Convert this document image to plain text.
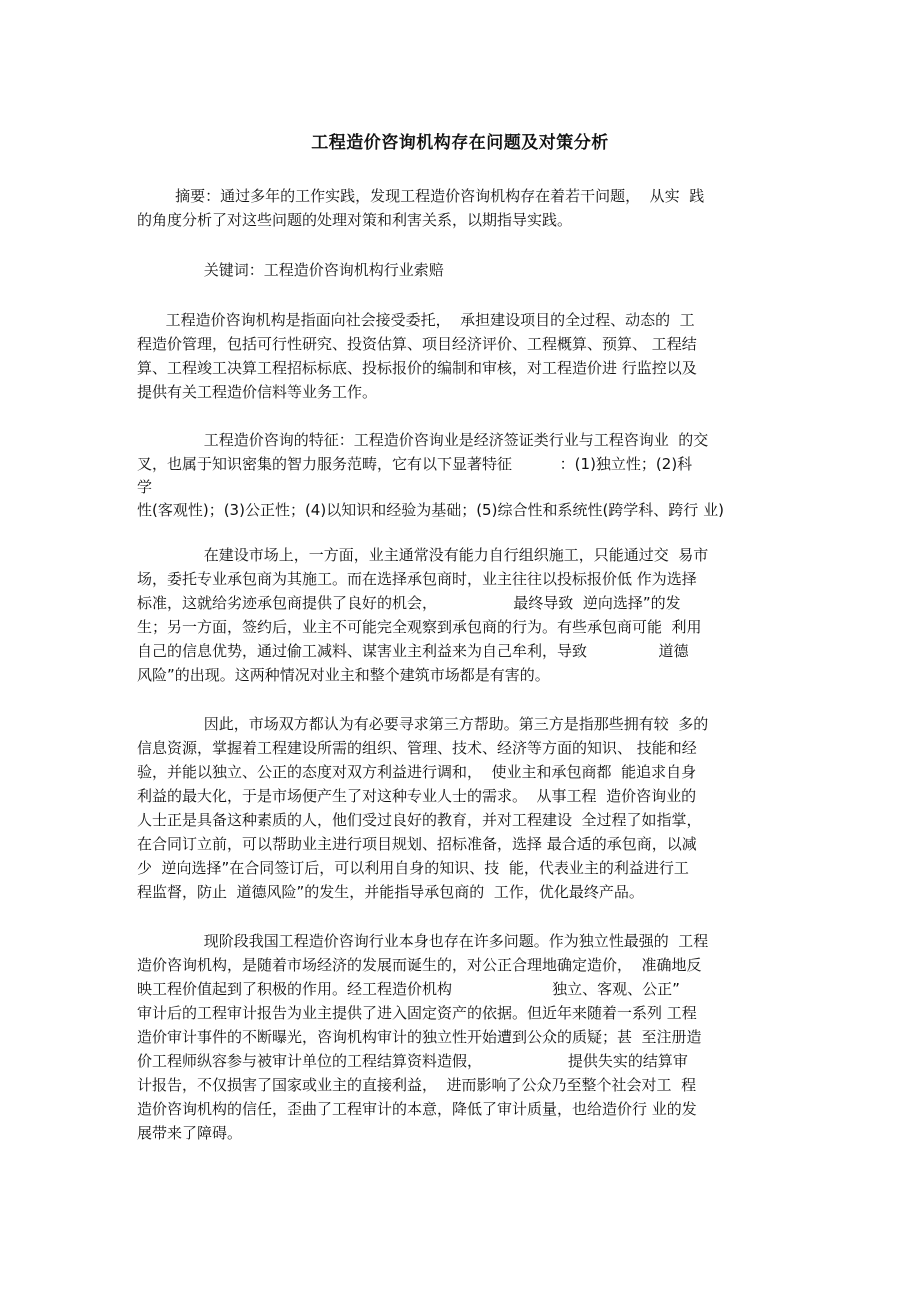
工程造价咨询机构存在问题及对策分析
摘要：通过多年的工作实践，发现工程造价咨询机构存在着若干问题，  从实  践
的角度分析了对这些问题的处理对策和利害关系，以期指导实践。
关键词：工程造价咨询机构行业索赔
工程造价咨询机构是指面向社会接受委托，  承担建设项目的全过程、动态的  工
程造价管理，包括可行性研究、投资估算、项目经济评价、工程概算、预算、 工程结
算、工程竣工决算工程招标标底、投标报价的编制和审核，对工程造价进 行监控以及
提供有关工程造价信料等业务工作。
工程造价咨询的特征：工程造价咨询业是经济签证类行业与工程咨询业  的交
叉，也属于知识密集的智力服务范畴，它有以下显著特征          ：(1)独立性；(2)科
学
性(客观性)；(3)公正性；(4)以知识和经验为基础；(5)综合性和系统性(跨学科、跨行 业)
在建设市场上，一方面，业主通常没有能力自行组织施工，只能通过交  易市
场，委托专业承包商为其施工。而在选择承包商时，业主往往以投标报价低 作为选择
标准，这就给劣迹承包商提供了良好的机会，                最终导致  逆向选择”的发
生；另一方面，签约后，业主不可能完全观察到承包商的行为。有些承包商可能  利用
自己的信息优势，通过偷工减料、谋害业主利益来为自己牟利，导致               道德
风险”的出现。这两种情况对业主和整个建筑市场都是有害的。
因此，市场双方都认为有必要寻求第三方帮助。第三方是指那些拥有较  多的
信息资源，掌握着工程建设所需的组织、管理、技术、经济等方面的知识、 技能和经
验，并能以独立、公正的态度对双方利益进行调和，  使业主和承包商都  能追求自身
利益的最大化，于是市场便产生了对这种专业人士的需求。  从事工程  造价咨询业的
人士正是具备这种素质的人，他们受过良好的教育，并对工程建设  全过程了如指掌，
在合同订立前，可以帮助业主进行项目规划、招标准备，选择 最合适的承包商，以减
少  逆向选择”在合同签订后，可以利用自身的知识、技  能，代表业主的利益进行工
程监督，防止  道德风险”的发生，并能指导承包商的  工作，优化最终产品。
现阶段我国工程造价咨询行业本身也存在许多问题。作为独立性最强的  工程
造价咨询机构，是随着市场经济的发展而诞生的，对公正合理地确定造价，  准确地反
映工程价值起到了积极的作用。经工程造价机构                     独立、客观、公正”
审计后的工程审计报告为业主提供了进入固定资产的依据。但近年来随着一系列 工程
造价审计事件的不断曝光，咨询机构审计的独立性开始遭到公众的质疑；甚  至注册造
价工程师纵容参与被审计单位的工程结算资料造假，                  提供失实的结算审
计报告，不仅损害了国家或业主的直接利益，  进而影响了公众乃至整个社会对工  程
造价咨询机构的信任，歪曲了工程审计的本意，降低了审计质量，也给造价行 业的发
展带来了障碍。
